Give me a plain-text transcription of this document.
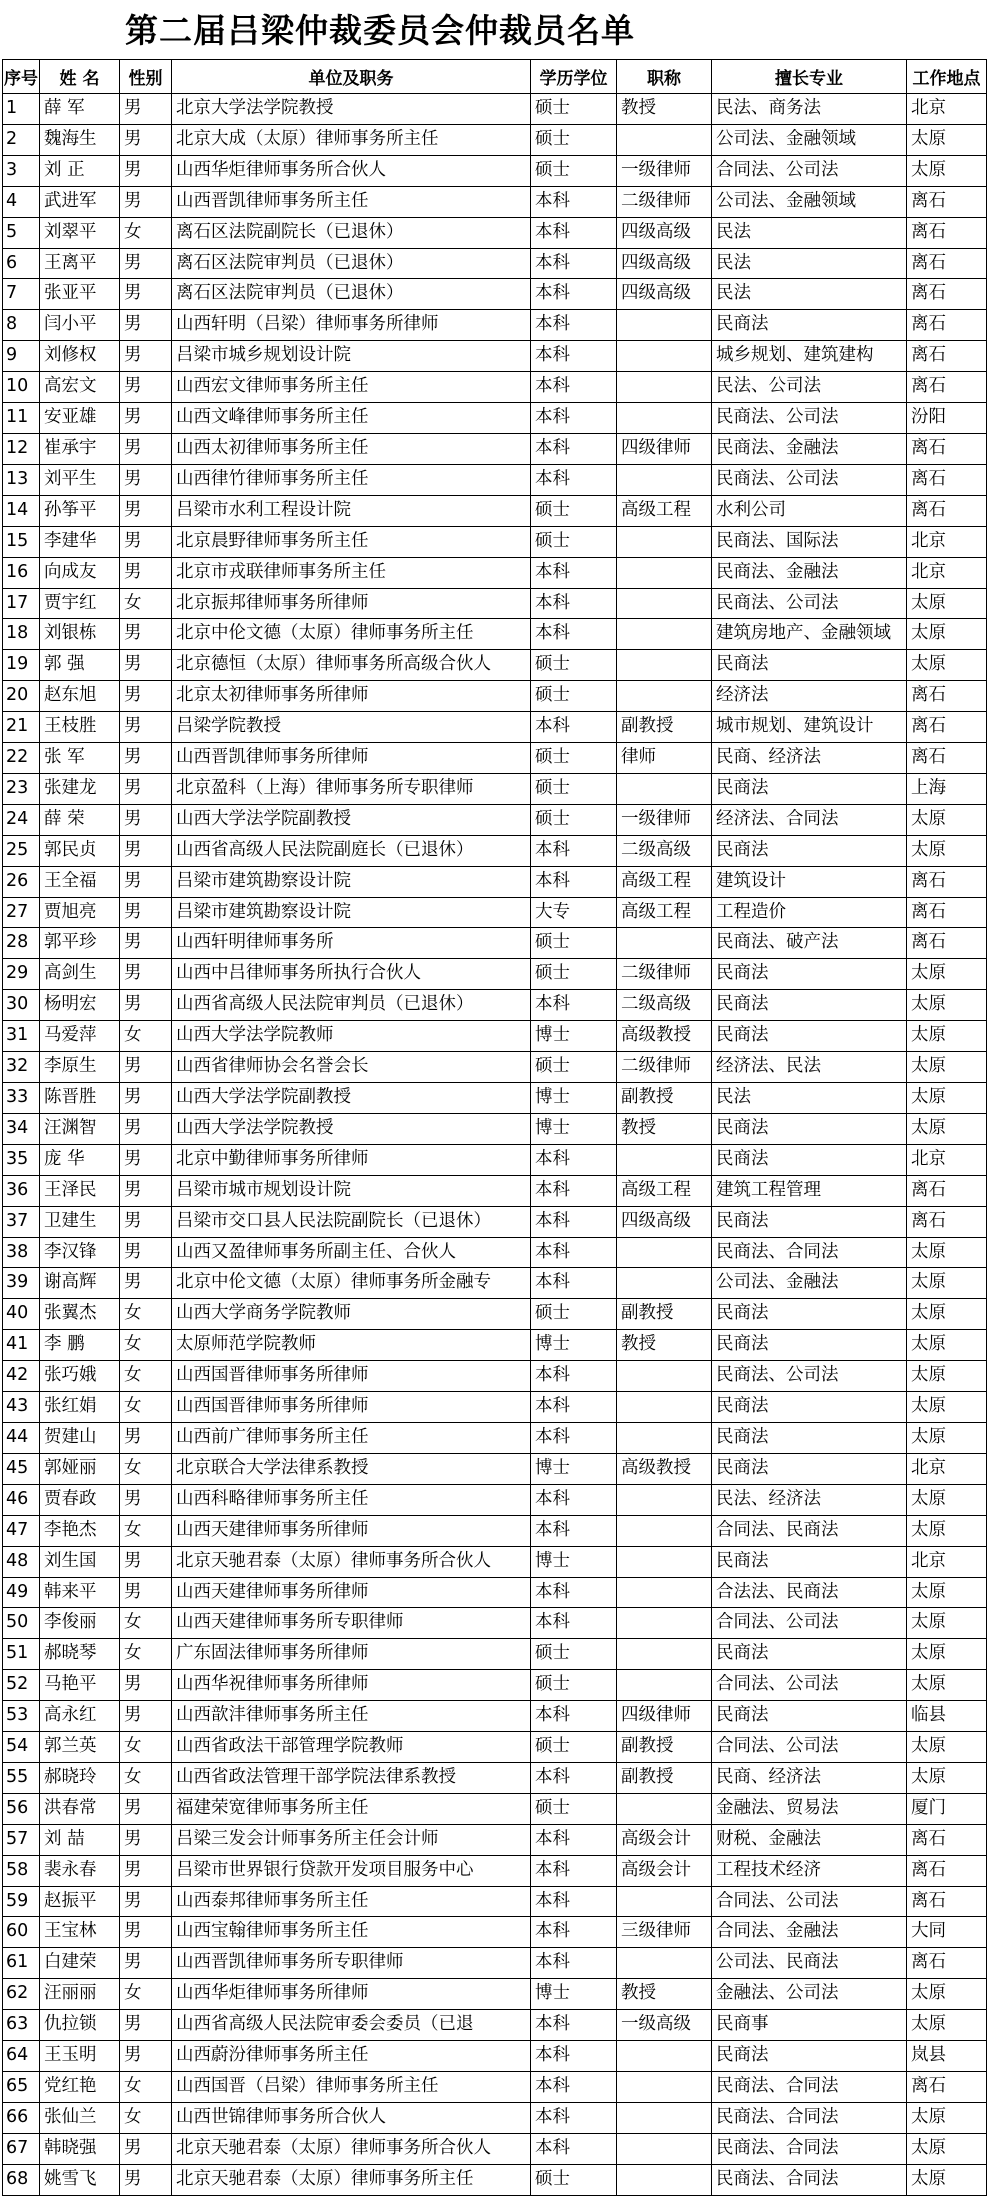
第二届吕梁仲裁委员会仲裁员名单
序号	姓 名	性别	单位及职务	学历学位	职称	擅长专业	工作地点
1	薛 军	男	北京大学法学院教授	硕士	教授	民法、商务法	北京
2	魏海生	男	北京大成（太原）律师事务所主任	硕士		公司法、金融领域	太原
3	刘 正	男	山西华炬律师事务所合伙人	硕士	一级律师	合同法、公司法	太原
4	武进军	男	山西晋凯律师事务所主任	本科	二级律师	公司法、金融领域	离石
5	刘翠平	女	离石区法院副院长（已退休）	本科	四级高级	民法	离石
6	王离平	男	离石区法院审判员（已退休）	本科	四级高级	民法	离石
7	张亚平	男	离石区法院审判员（已退休）	本科	四级高级	民法	离石
8	闫小平	男	山西轩明（吕梁）律师事务所律师	本科		民商法	离石
9	刘修权	男	吕梁市城乡规划设计院	本科		城乡规划、建筑建构	离石
10	高宏文	男	山西宏文律师事务所主任	本科		民法、公司法	离石
11	安亚雄	男	山西文峰律师事务所主任	本科		民商法、公司法	汾阳
12	崔承宇	男	山西太初律师事务所主任	本科	四级律师	民商法、金融法	离石
13	刘平生	男	山西律竹律师事务所主任	本科		民商法、公司法	离石
14	孙筝平	男	吕梁市水利工程设计院	硕士	高级工程	水利公司	离石
15	李建华	男	北京晨野律师事务所主任	硕士		民商法、国际法	北京
16	向成友	男	北京市戎联律师事务所主任	本科		民商法、金融法	北京
17	贾宇红	女	北京振邦律师事务所律师	本科		民商法、公司法	太原
18	刘银栋	男	北京中伦文德（太原）律师事务所主任	本科		建筑房地产、金融领域	太原
19	郭 强	男	北京德恒（太原）律师事务所高级合伙人	硕士		民商法	太原
20	赵东旭	男	北京太初律师事务所律师	硕士		经济法	离石
21	王枝胜	男	吕梁学院教授	本科	副教授	城市规划、建筑设计	离石
22	张 军	男	山西晋凯律师事务所律师	硕士	律师	民商、经济法	离石
23	张建龙	男	北京盈科（上海）律师事务所专职律师	硕士		民商法	上海
24	薛 荣	男	山西大学法学院副教授	硕士	一级律师	经济法、合同法	太原
25	郭民贞	男	山西省高级人民法院副庭长（已退休）	本科	二级高级	民商法	太原
26	王全福	男	吕梁市建筑勘察设计院	本科	高级工程	建筑设计	离石
27	贾旭亮	男	吕梁市建筑勘察设计院	大专	高级工程	工程造价	离石
28	郭平珍	男	山西轩明律师事务所	硕士		民商法、破产法	离石
29	高剑生	男	山西中吕律师事务所执行合伙人	硕士	二级律师	民商法	太原
30	杨明宏	男	山西省高级人民法院审判员（已退休）	本科	二级高级	民商法	太原
31	马爱萍	女	山西大学法学院教师	博士	高级教授	民商法	太原
32	李原生	男	山西省律师协会名誉会长	硕士	二级律师	经济法、民法	太原
33	陈晋胜	男	山西大学法学院副教授	博士	副教授	民法	太原
34	汪渊智	男	山西大学法学院教授	博士	教授	民商法	太原
35	庞 华	男	北京中勤律师事务所律师	本科		民商法	北京
36	王泽民	男	吕梁市城市规划设计院	本科	高级工程	建筑工程管理	离石
37	卫建生	男	吕梁市交口县人民法院副院长（已退休）	本科	四级高级	民商法	离石
38	李汉锋	男	山西又盈律师事务所副主任、合伙人	本科		民商法、合同法	太原
39	谢高辉	男	北京中伦文德（太原）律师事务所金融专	本科		公司法、金融法	太原
40	张翼杰	女	山西大学商务学院教师	硕士	副教授	民商法	太原
41	李 鹏	女	太原师范学院教师	博士	教授	民商法	太原
42	张巧娥	女	山西国晋律师事务所律师	本科		民商法、公司法	太原
43	张红娟	女	山西国晋律师事务所律师	本科		民商法	太原
44	贺建山	男	山西前广律师事务所主任	本科		民商法	太原
45	郭娅丽	女	北京联合大学法律系教授	博士	高级教授	民商法	北京
46	贾春政	男	山西科略律师事务所主任	本科		民法、经济法	太原
47	李艳杰	女	山西天建律师事务所律师	本科		合同法、民商法	太原
48	刘生国	男	北京天驰君泰（太原）律师事务所合伙人	博士		民商法	北京
49	韩来平	男	山西天建律师事务所律师	本科		合法法、民商法	太原
50	李俊丽	女	山西天建律师事务所专职律师	本科		合同法、公司法	太原
51	郝晓琴	女	广东固法律师事务所律师	硕士		民商法	太原
52	马艳平	男	山西华祝律师事务所律师	硕士		合同法、公司法	太原
53	高永红	男	山西歆沣律师事务所主任	本科	四级律师	民商法	临县
54	郭兰英	女	山西省政法干部管理学院教师	硕士	副教授	合同法、公司法	太原
55	郝晓玲	女	山西省政法管理干部学院法律系教授	本科	副教授	民商、经济法	太原
56	洪春常	男	福建荣宽律师事务所主任	硕士		金融法、贸易法	厦门
57	刘 喆	男	吕梁三发会计师事务所主任会计师	本科	高级会计	财税、金融法	离石
58	裴永春	男	吕梁市世界银行贷款开发项目服务中心	本科	高级会计	工程技术经济	离石
59	赵振平	男	山西泰邦律师事务所主任	本科		合同法、公司法	离石
60	王宝林	男	山西宝翰律师事务所主任	本科	三级律师	合同法、金融法	大同
61	白建荣	男	山西晋凯律师事务所专职律师	本科		公司法、民商法	离石
62	汪丽丽	女	山西华炬律师事务所律师	博士	教授	金融法、公司法	太原
63	仇拉锁	男	山西省高级人民法院审委会委员（已退	本科	一级高级	民商事	太原
64	王玉明	男	山西蔚汾律师事务所主任	本科		民商法	岚县
65	党红艳	女	山西国晋（吕梁）律师事务所主任	本科		民商法、合同法	离石
66	张仙兰	女	山西世锦律师事务所合伙人	本科		民商法、合同法	太原
67	韩晓强	男	北京天驰君泰（太原）律师事务所合伙人	本科		民商法、合同法	太原
68	姚雪飞	男	北京天驰君泰（太原）律师事务所主任	硕士		民商法、合同法	太原
